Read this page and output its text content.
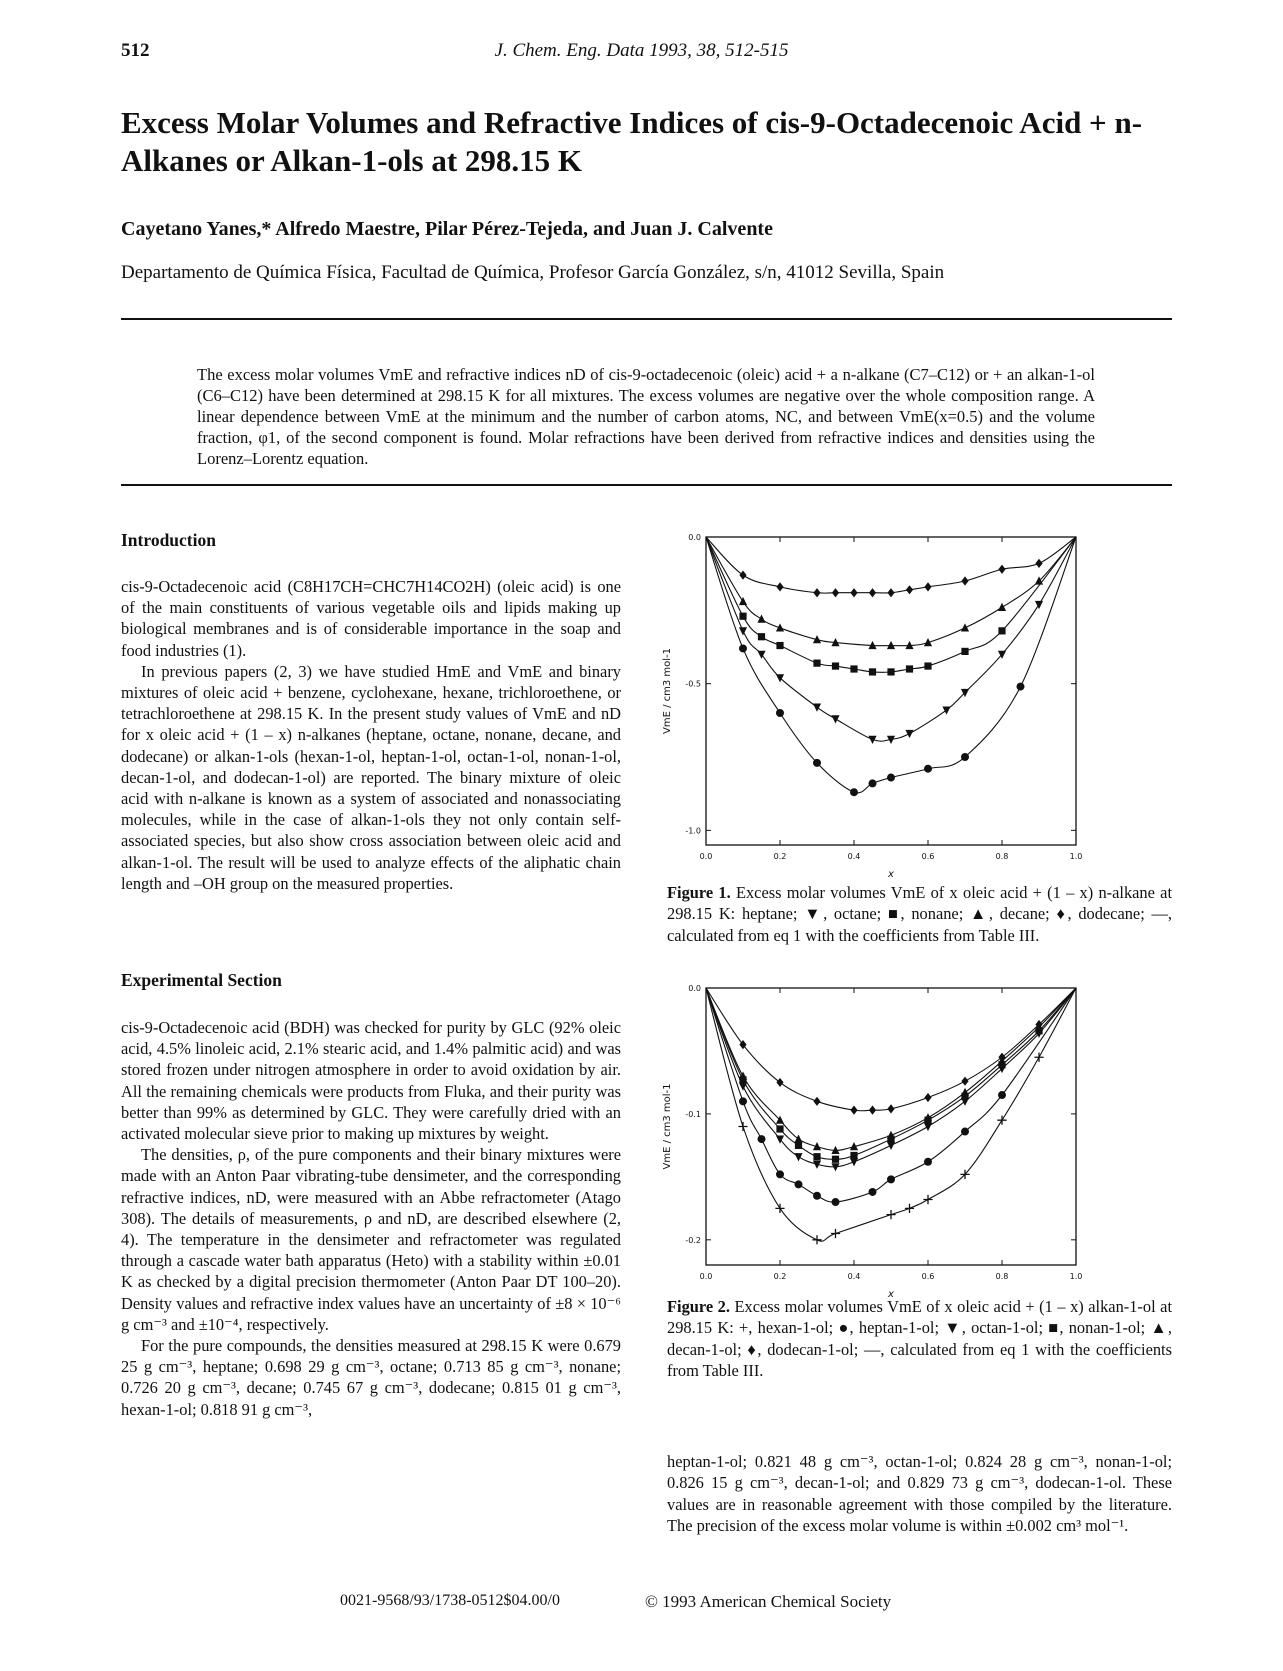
512	J. Chem. Eng. Data 1993, 38, 512-515
Excess Molar Volumes and Refractive Indices of cis-9-Octadecenoic Acid + n-Alkanes or Alkan-1-ols at 298.15 K
Cayetano Yanes,* Alfredo Maestre, Pilar Pérez-Tejeda, and Juan J. Calvente
Departamento de Química Física, Facultad de Química, Profesor García González, s/n, 41012 Sevilla, Spain
The excess molar volumes VmE and refractive indices nD of cis-9-octadecenoic (oleic) acid + a n-alkane (C7–C12) or + an alkan-1-ol (C6–C12) have been determined at 298.15 K for all mixtures. The excess volumes are negative over the whole composition range. A linear dependence between VmE at the minimum and the number of carbon atoms, NC, and between VmE(x=0.5) and the volume fraction, φ1, of the second component is found. Molar refractions have been derived from refractive indices and densities using the Lorenz–Lorentz equation.
Introduction

cis-9-Octadecenoic acid (C8H17CH=CHC7H14CO2H) (oleic acid) is one of the main constituents of various vegetable oils and lipids making up biological membranes and is of considerable importance in the soap and food industries (1).

In previous papers (2, 3) we have studied HmE and VmE and binary mixtures of oleic acid + benzene, cyclohexane, hexane, trichloroethene, or tetrachloroethene at 298.15 K. In the present study values of VmE and nD for x oleic acid + (1 – x) n-alkanes (heptane, octane, nonane, decane, and dodecane) or alkan-1-ols (hexan-1-ol, heptan-1-ol, octan-1-ol, nonan-1-ol, decan-1-ol, and dodecan-1-ol) are reported. The binary mixture of oleic acid with n-alkane is known as a system of associated and nonassociating molecules, while in the case of alkan-1-ols they not only contain self-associated species, but also show cross association between oleic acid and alkan-1-ol. The result will be used to analyze effects of the aliphatic chain length and –OH group on the measured properties.

Experimental Section

cis-9-Octadecenoic acid (BDH) was checked for purity by GLC (92% oleic acid, 4.5% linoleic acid, 2.1% stearic acid, and 1.4% palmitic acid) and was stored frozen under nitrogen atmosphere in order to avoid oxidation by air. All the remaining chemicals were products from Fluka, and their purity was better than 99% as determined by GLC. They were carefully dried with an activated molecular sieve prior to making up mixtures by weight.

The densities, ρ, of the pure components and their binary mixtures were made with an Anton Paar vibrating-tube densimeter, and the corresponding refractive indices, nD, were measured with an Abbe refractometer (Atago 308). The details of measurements, ρ and nD, are described elsewhere (2, 4). The temperature in the densimeter and refractometer was regulated through a cascade water bath apparatus (Heto) with a stability within ±0.01 K as checked by a digital precision thermometer (Anton Paar DT 100–20). Density values and refractive index values have an uncertainty of ±8 × 10⁻⁶ g cm⁻³ and ±10⁻⁴, respectively.

For the pure compounds, the densities measured at 298.15 K were 0.679 25 g cm⁻³, heptane; 0.698 29 g cm⁻³, octane; 0.713 85 g cm⁻³, nonane; 0.726 20 g cm⁻³, decane; 0.745 67 g cm⁻³, dodecane; 0.815 01 g cm⁻³, hexan-1-ol; 0.818 91 g cm⁻³,

0.0	0.2	0.4	0.6	0.8	1.0
0.0
-0.5
-1.0
x
VmE / cm3 mol-1
Figure 1. Excess molar volumes VmE of x oleic acid + (1 – x) n-alkane at 298.15 K: heptane; ▼, octane; ■, nonane; ▲, decane; ♦, dodecane; —, calculated from eq 1 with the coefficients from Table III.
0.0	0.2	0.4	0.6	0.8	1.0
0.0
-0.1
-0.2
x
VmE / cm3 mol-1
Figure 2. Excess molar volumes VmE of x oleic acid + (1 – x) alkan-1-ol at 298.15 K: +, hexan-1-ol; ●, heptan-1-ol; ▼, octan-1-ol; ■, nonan-1-ol; ▲, decan-1-ol; ♦, dodecan-1-ol; —, calculated from eq 1 with the coefficients from Table III.
heptan-1-ol; 0.821 48 g cm⁻³, octan-1-ol; 0.824 28 g cm⁻³, nonan-1-ol; 0.826 15 g cm⁻³, decan-1-ol; and 0.829 73 g cm⁻³, dodecan-1-ol. These values are in reasonable agreement with those compiled by the literature. The precision of the excess molar volume is within ±0.002 cm³ mol⁻¹.
0021-9568/93/1738-0512$04.00/0	© 1993 American Chemical Society
